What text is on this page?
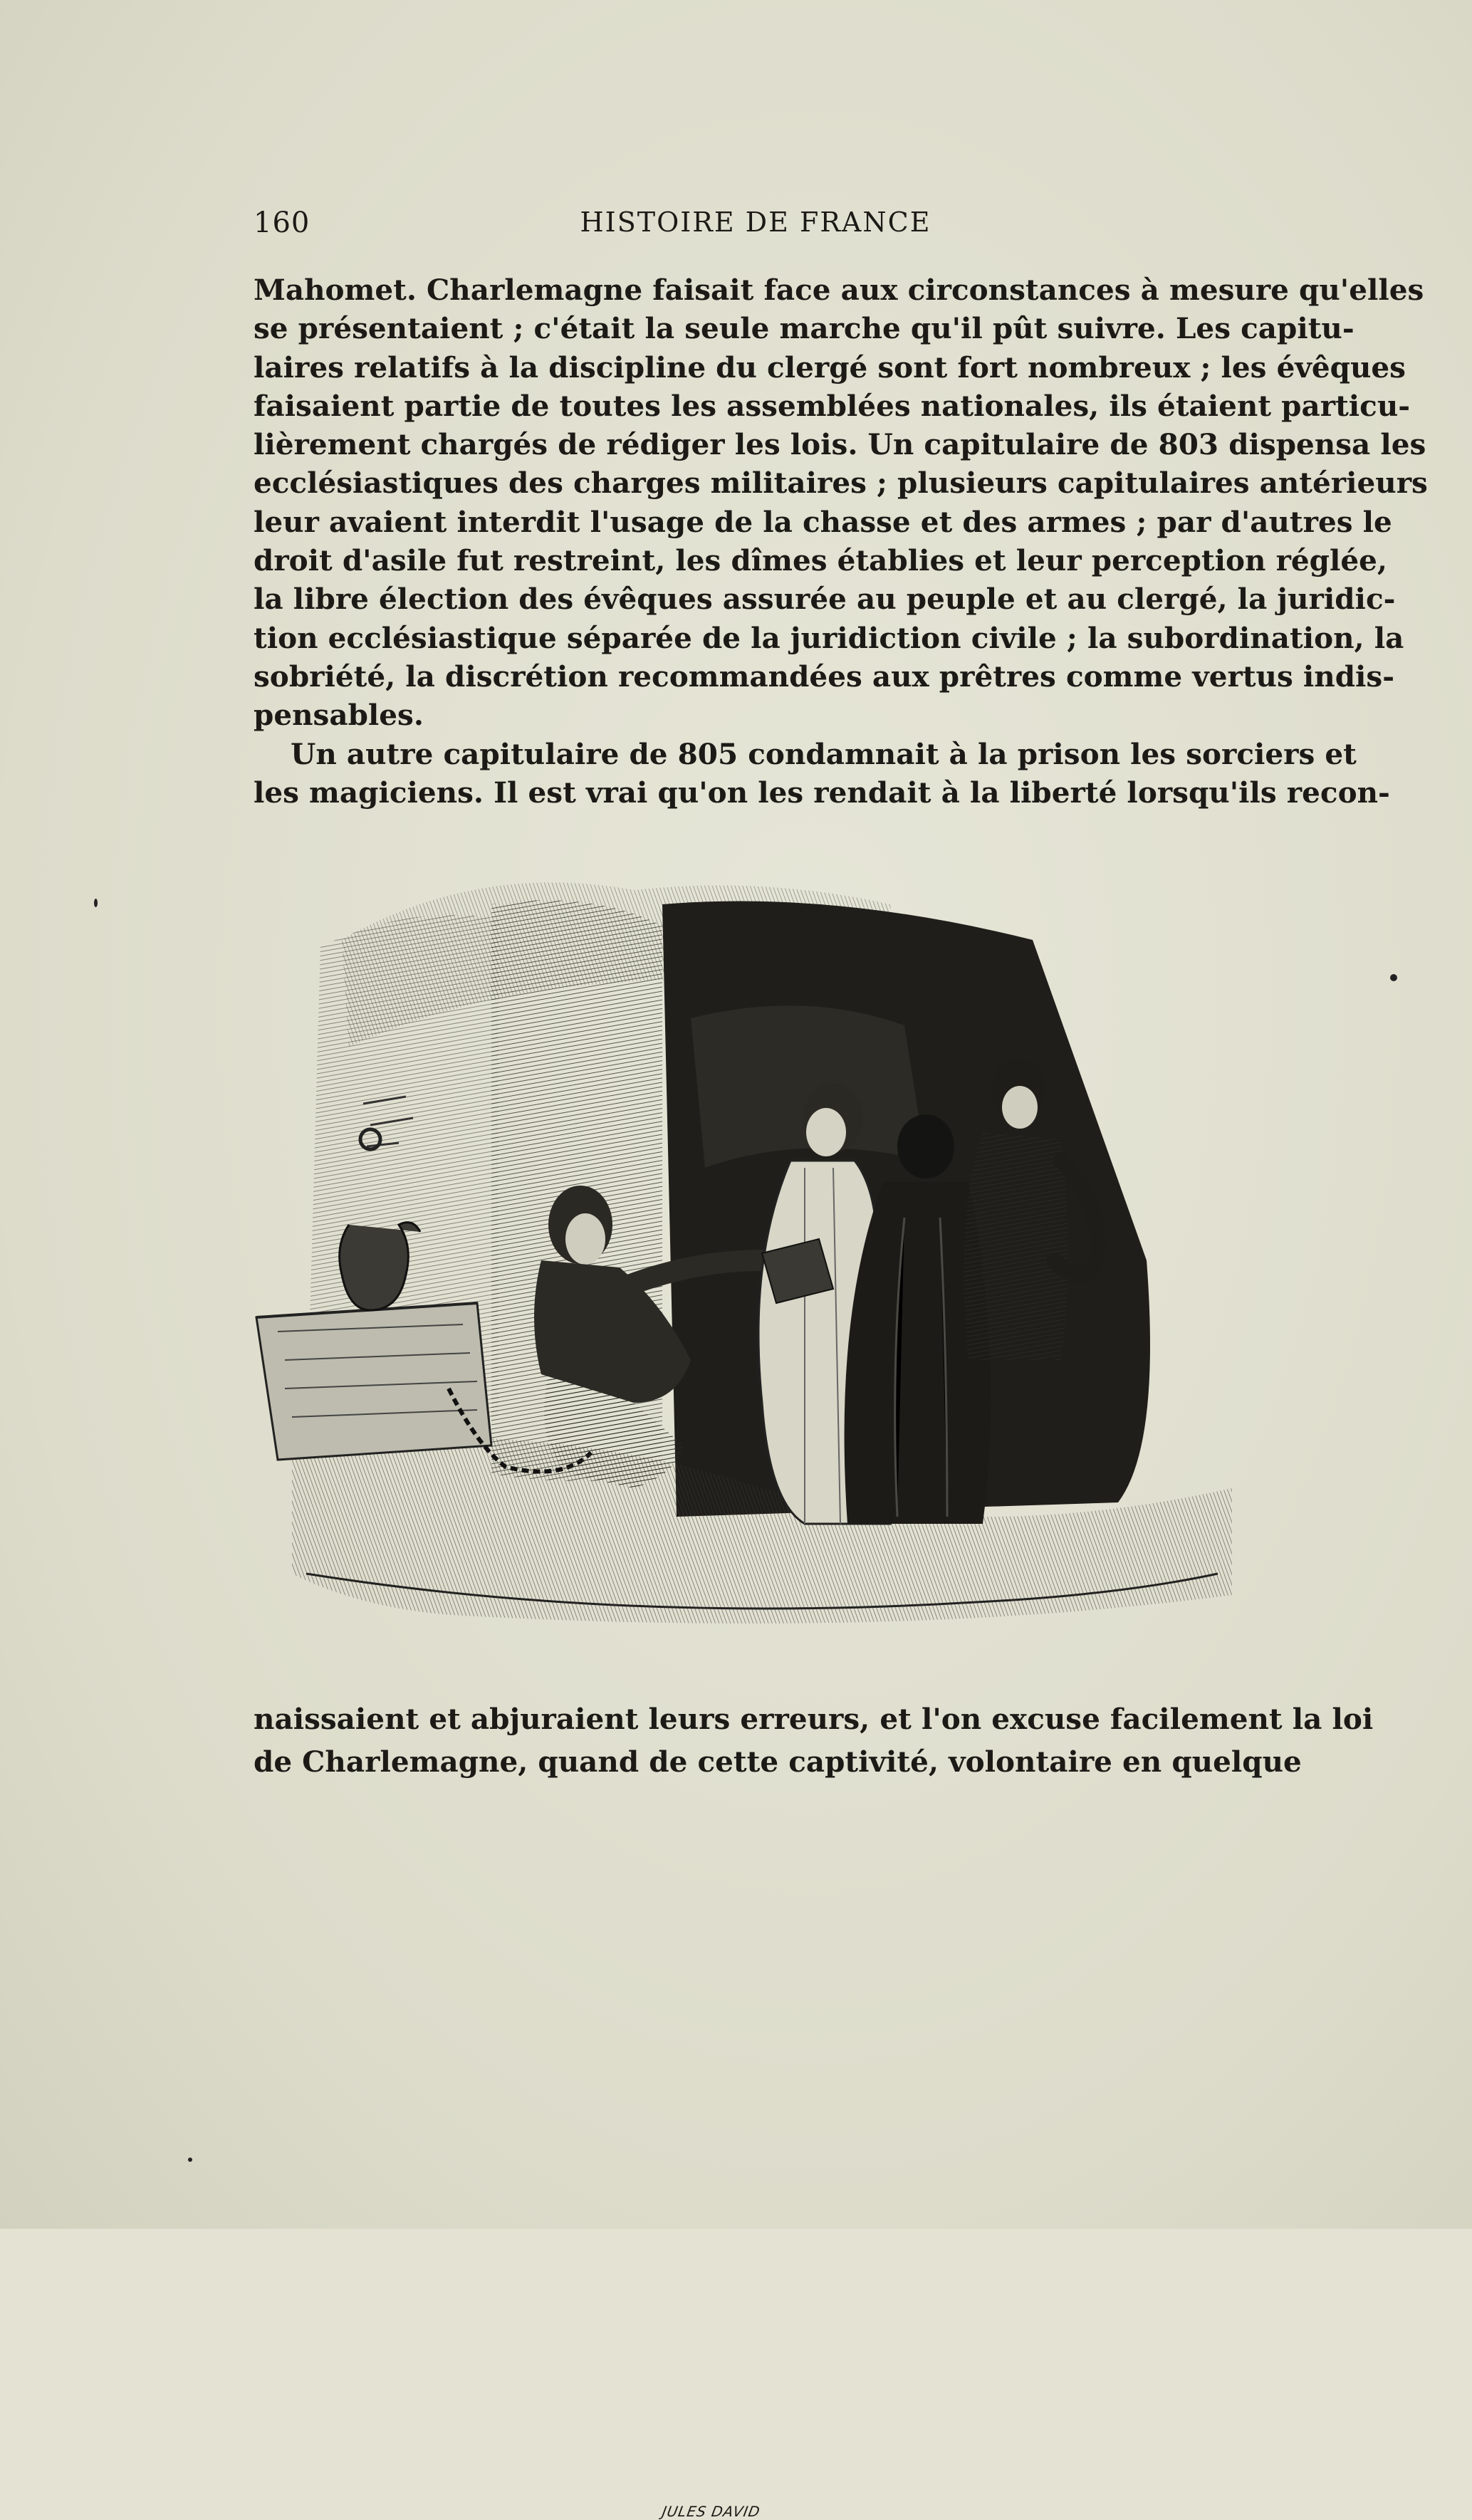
160	HISTOIRE DE FRANCE
Mahomet. Charlemagne faisait face aux circonstances à mesure qu'elles
se présentaient ; c'était la seule marche qu'il pût suivre. Les capitu-
laires relatifs à la discipline du clergé sont fort nombreux ; les évêques
faisaient partie de toutes les assemblées nationales, ils étaient particu-
lièrement chargés de rédiger les lois. Un capitulaire de 803 dispensa les
ecclésiastiques des charges militaires ; plusieurs capitulaires antérieurs
leur avaient interdit l'usage de la chasse et des armes ; par d'autres le
droit d'asile fut restreint, les dîmes établies et leur perception réglée,
la libre élection des évêques assurée au peuple et au clergé, la juridic-
tion ecclésiastique séparée de la juridiction civile ; la subordination, la
sobriété, la discrétion recommandées aux prêtres comme vertus indis-
pensables.
Un autre capitulaire de 805 condamnait à la prison les sorciers et
les magiciens. Il est vrai qu'on les rendait à la liberté lorsqu'ils recon-
JULES DAVID
naissaient et abjuraient leurs erreurs, et l'on excuse facilement la loi
de Charlemagne, quand de cette captivité, volontaire en quelque
